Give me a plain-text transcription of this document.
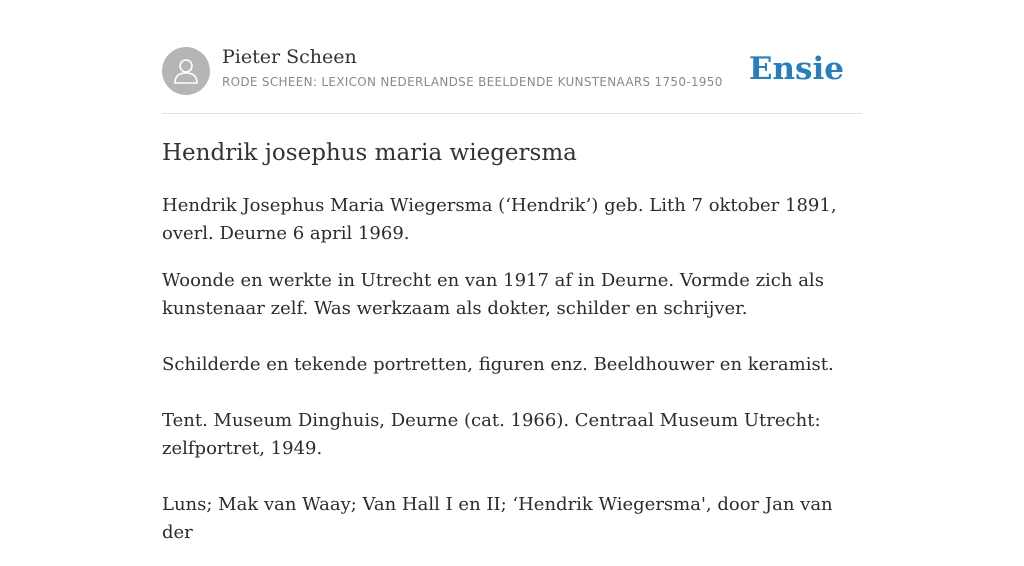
Pieter Scheen
RODE SCHEEN: LEXICON NEDERLANDSE BEELDENDE KUNSTENAARS 1750-1950 Ensie
Hendrik josephus maria wiegersma

Hendrik Josephus Maria Wiegersma (‘Hendrik’) geb. Lith 7 oktober 1891, overl. Deurne 6 april 1969.

Woonde en werkte in Utrecht en van 1917 af in Deurne. Vormde zich als kunstenaar zelf. Was werkzaam als dokter, schilder en schrijver.

Schilderde en tekende portretten, figuren enz. Beeldhouwer en keramist.

Tent. Museum Dinghuis, Deurne (cat. 1966). Centraal Museum Utrecht: zelfportret, 1949.

Luns; Mak van Waay; Van Hall I en II; ‘Hendrik Wiegersma', door Jan van der
